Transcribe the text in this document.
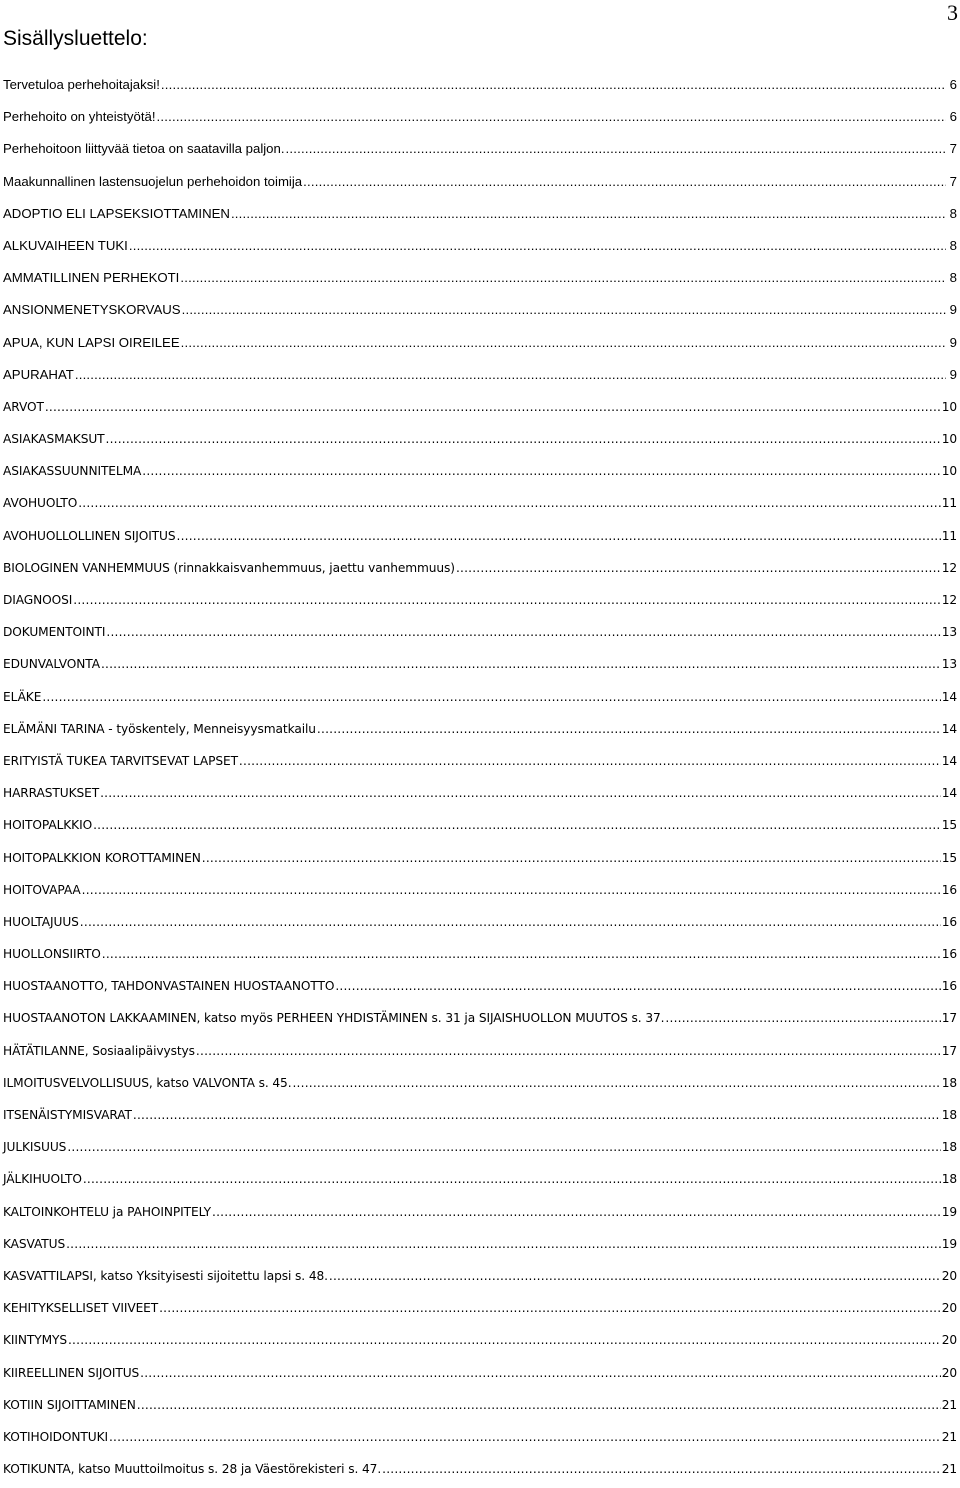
3
Sisällysluettelo:
Tervetuloa perhehoitajaksi! .....	6
Perhehoito on yhteistyötä! .....	6
Perhehoitoon liittyvää tietoa on saatavilla paljon. .....	7
Maakunnallinen lastensuojelun perhehoidon toimija .....	7
ADOPTIO ELI LAPSEKSIOTTAMINEN .....	8
ALKUVAIHEEN TUKI .....	8
AMMATILLINEN PERHEKOTI .....	8
ANSIONMENETYSKORVAUS .....	9
APUA, KUN LAPSI OIREILEE .....	9
APURAHAT .....	9
ARVOT .....	10
ASIAKASMAKSUT .....	10
ASIAKASSUUNNITELMA .....	10
AVOHUOLTO .....	11
AVOHUOLLOLLINEN SIJOITUS .....	11
BIOLOGINEN VANHEMMUUS (rinnakkaisvanhemmuus, jaettu vanhemmuus) .....	12
DIAGNOOSI .....	12
DOKUMENTOINTI .....	13
EDUNVALVONTA .....	13
ELÄKE .....	14
ELÄMÄNI TARINA - työskentely, Menneisyysmatkailu .....	14
ERITYISTÄ TUKEA TARVITSEVAT LAPSET .....	14
HARRASTUKSET .....	14
HOITOPALKKIO .....	15
HOITOPALKKION KOROTTAMINEN .....	15
HOITOVAPAA .....	16
HUOLTAJUUS .....	16
HUOLLONSIIRTO .....	16
HUOSTAANOTTO, TAHDONVASTAINEN HUOSTAANOTTO .....	16
HUOSTAANOTON LAKKAAMINEN, katso myös PERHEEN YHDISTÄMINEN s. 31 ja SIJAISHUOLLON MUUTOS s. 37. .....	17
HÄTÄTILANNE, Sosiaalipäivystys .....	17
ILMOITUSVELVOLLISUUS, katso VALVONTA s. 45. .....	18
ITSENÄISTYMISVARAT .....	18
JULKISUUS .....	18
JÄLKIHUOLTO .....	18
KALTOINKOHTELU ja PAHOINPITELY .....	19
KASVATUS .....	19
KASVATTILAPSI, katso Yksityisesti sijoitettu lapsi s. 48. .....	20
KEHITYKSELLISET VIIVEET .....	20
KIINTYMYS .....	20
KIIREELLINEN SIJOITUS .....	20
KOTIIN SIJOITTAMINEN .....	21
KOTIHOIDONTUKI .....	21
KOTIKUNTA, katso Muuttoilmoitus s. 28 ja Väestörekisteri s. 47. .....	21
